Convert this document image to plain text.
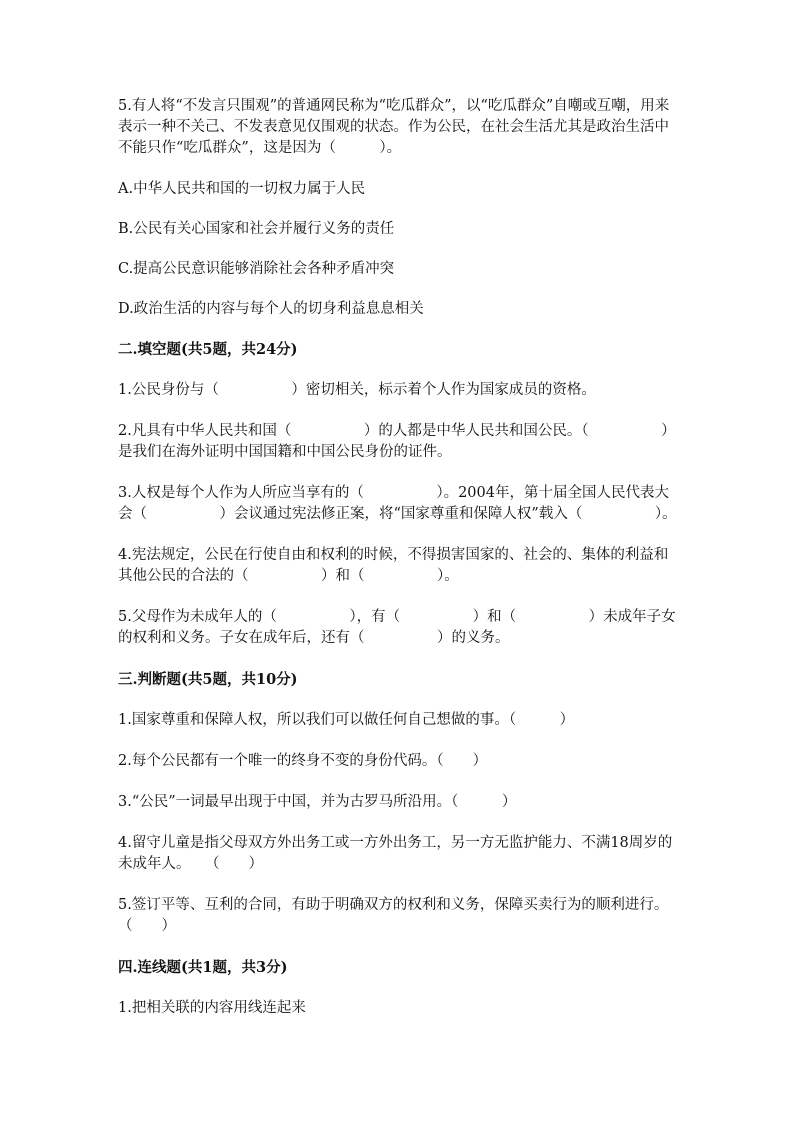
5.有人将“不发言只围观”的普通网民称为“吃瓜群众”，以“吃瓜群众”自嘲或互嘲，用来表示一种不关己、不发表意见仅围观的状态。作为公民，在社会生活尤其是政治生活中不能只作“吃瓜群众”，这是因为（　　　）。

A.中华人民共和国的一切权力属于人民

B.公民有关心国家和社会并履行义务的责任

C.提高公民意识能够消除社会各种矛盾冲突

D.政治生活的内容与每个人的切身利益息息相关

二.填空题(共5题，共24分)

1.公民身份与（　　　　　）密切相关，标示着个人作为国家成员的资格。

2.凡具有中华人民共和国（　　　　　）的人都是中华人民共和国公民。（　　　　　）是我们在海外证明中国国籍和中国公民身份的证件。

3.人权是每个人作为人所应当享有的（　　　　　）。2004年，第十届全国人民代表大会（　　　　　）会议通过宪法修正案，将“国家尊重和保障人权”载入（　　　　　）。

4.宪法规定，公民在行使自由和权利的时候，不得损害国家的、社会的、集体的利益和其他公民的合法的（　　　　　）和（　　　　　）。

5.父母作为未成年人的（　　　　　），有（　　　　　）和（　　　　　）未成年子女的权利和义务。子女在成年后，还有（　　　　　）的义务。

三.判断题(共5题，共10分)

1.国家尊重和保障人权，所以我们可以做任何自己想做的事。（　　　）

2.每个公民都有一个唯一的终身不变的身份代码。（　　）

3.“公民”一词最早出现于中国，并为古罗马所沿用。（　　　）

4.留守儿童是指父母双方外出务工或一方外出务工，另一方无监护能力、不满18周岁的未成年人。　　（　　）

5.签订平等、互利的合同，有助于明确双方的权利和义务，保障买卖行为的顺利进行。（　　）

四.连线题(共1题，共3分)

1.把相关联的内容用线连起来
